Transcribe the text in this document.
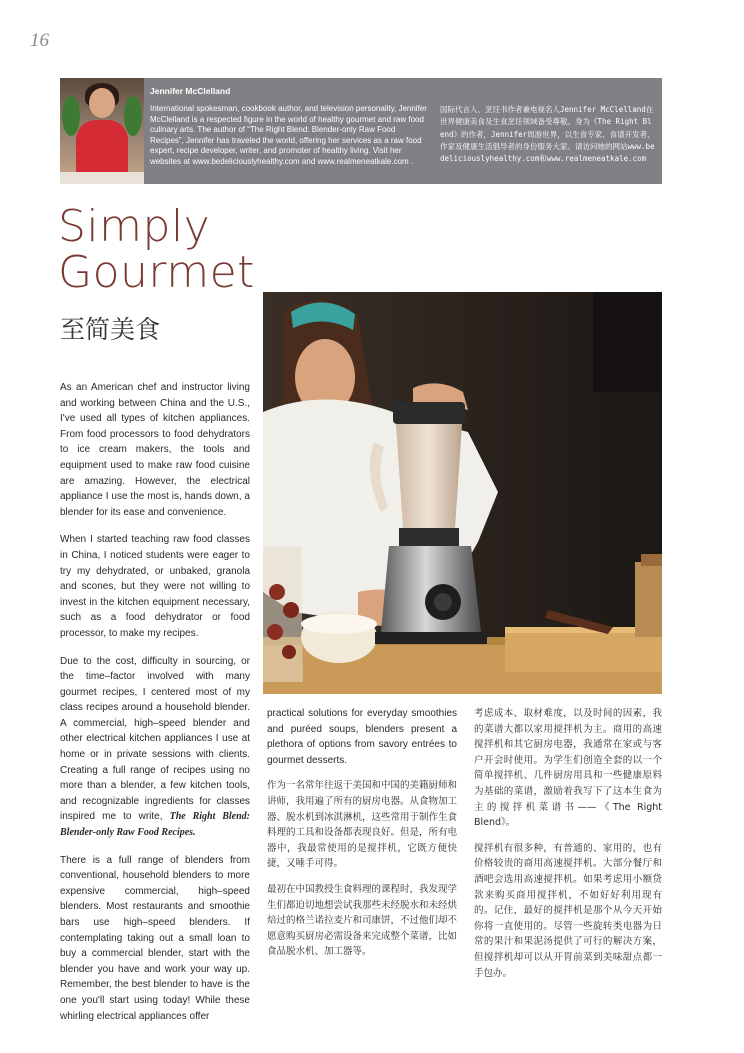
16
Jennifer McClelland

International spokesman, cookbook author, and television personality, Jennifer McClelland is a respected figure in the world of healthy gourmet and raw food culinary arts. The author of “The Right Blend: Blender-only Raw Food Recipes”, Jennifer has traveled the world, offering her services as a raw food expert, recipe developer, writer, and promoter of healthy living. Visit her websites at www.bedeliciouslyhealthy.com and www.realmeneatkale.com .

国际代言人、烹饪书作者兼电视名人Jennifer McClelland在世界健康美食及生食烹饪领域备受尊敬。身为《The Right Blend》的作者，Jennifer周游世界，以生食专家、食谱开发者、作家及健康生活倡导者的身份服务大家。请访问她的网站www.bedeliciouslyhealthy.com和www.realmeneatkale.com

Simply
Gourmet
至简美食

As an American chef and instructor living and working between China and the U.S., I've used all types of kitchen appliances. From food processors to food dehydrators to ice cream makers, the tools and equipment used to make raw food cuisine are amazing. However, the electrical appliance I use the most is, hands down, a blender for its ease and convenience.

When I started teaching raw food classes in China, I noticed students were eager to try my dehydrated, or unbaked, granola and scones, but they were not willing to invest in the kitchen equipment necessary, such as a food dehydrator or food processor, to make my recipes.

Due to the cost, difficulty in sourcing, or the time–factor involved with many gourmet recipes, I centered most of my class recipes around a household blender. A commercial, high–speed blender and other electrical kitchen appliances I use at home or in private sessions with clients. Creating a full range of recipes using no more than a blender, a few kitchen tools, and recognizable ingredients for classes inspired me to write, The Right Blend: Blender-only Raw Food Recipes.

There is a full range of blenders from conventional, household blenders to more expensive commercial, high–speed blenders. Most restaurants and smoothie bars use high–speed blenders. If contemplating taking out a small loan to buy a commercial blender, start with the blender you have and work your way up. Remember, the best blender to have is the one you'll start using today! While these whirling electrical appliances offer

practical solutions for everyday smoothies and puréed soups, blenders present a plethora of options from savory entrées to gourmet desserts.

作为一名常年往返于美国和中国的美籍厨师和讲师，我用遍了所有的厨房电器。从食物加工器、脱水机到冰淇淋机，这些常用于制作生食料理的工具和设备都表现良好。但是，所有电器中，我最常使用的是搅拌机，它既方便快捷，又唾手可得。

最初在中国教授生食料理的课程时，我发现学生们都迫切地想尝试我那些未经脱水和未经烘焙过的格兰诺拉麦片和司康饼，不过他们却不愿意购买厨房必需设备来完成整个菜谱，比如食品脱水机、加工器等。

考虑成本、取材难度，以及时间的因素，我的菜谱大都以家用搅拌机为主。商用的高速搅拌机和其它厨房电器，我通常在家或与客户开会时使用。为学生们创造全套的以一个简单搅拌机、几件厨房用具和一些健康原料为基础的菜谱，激励着我写下了这本生食为主的搅拌机菜谱书——《The Right Blend》。

搅拌机有很多种，有普通的、家用的，也有价格较贵的商用高速搅拌机。大部分餐厅和酒吧会选用高速搅拌机。如果考虑用小额贷款来购买商用搅拌机，不如好好利用现有的。记住，最好的搅拌机是那个从今天开始你将一直使用的。尽管一些旋转类电器为日常的果汁和果泥汤提供了可行的解决方案，但搅拌机却可以从开胃前菜到美味甜点都一手包办。
